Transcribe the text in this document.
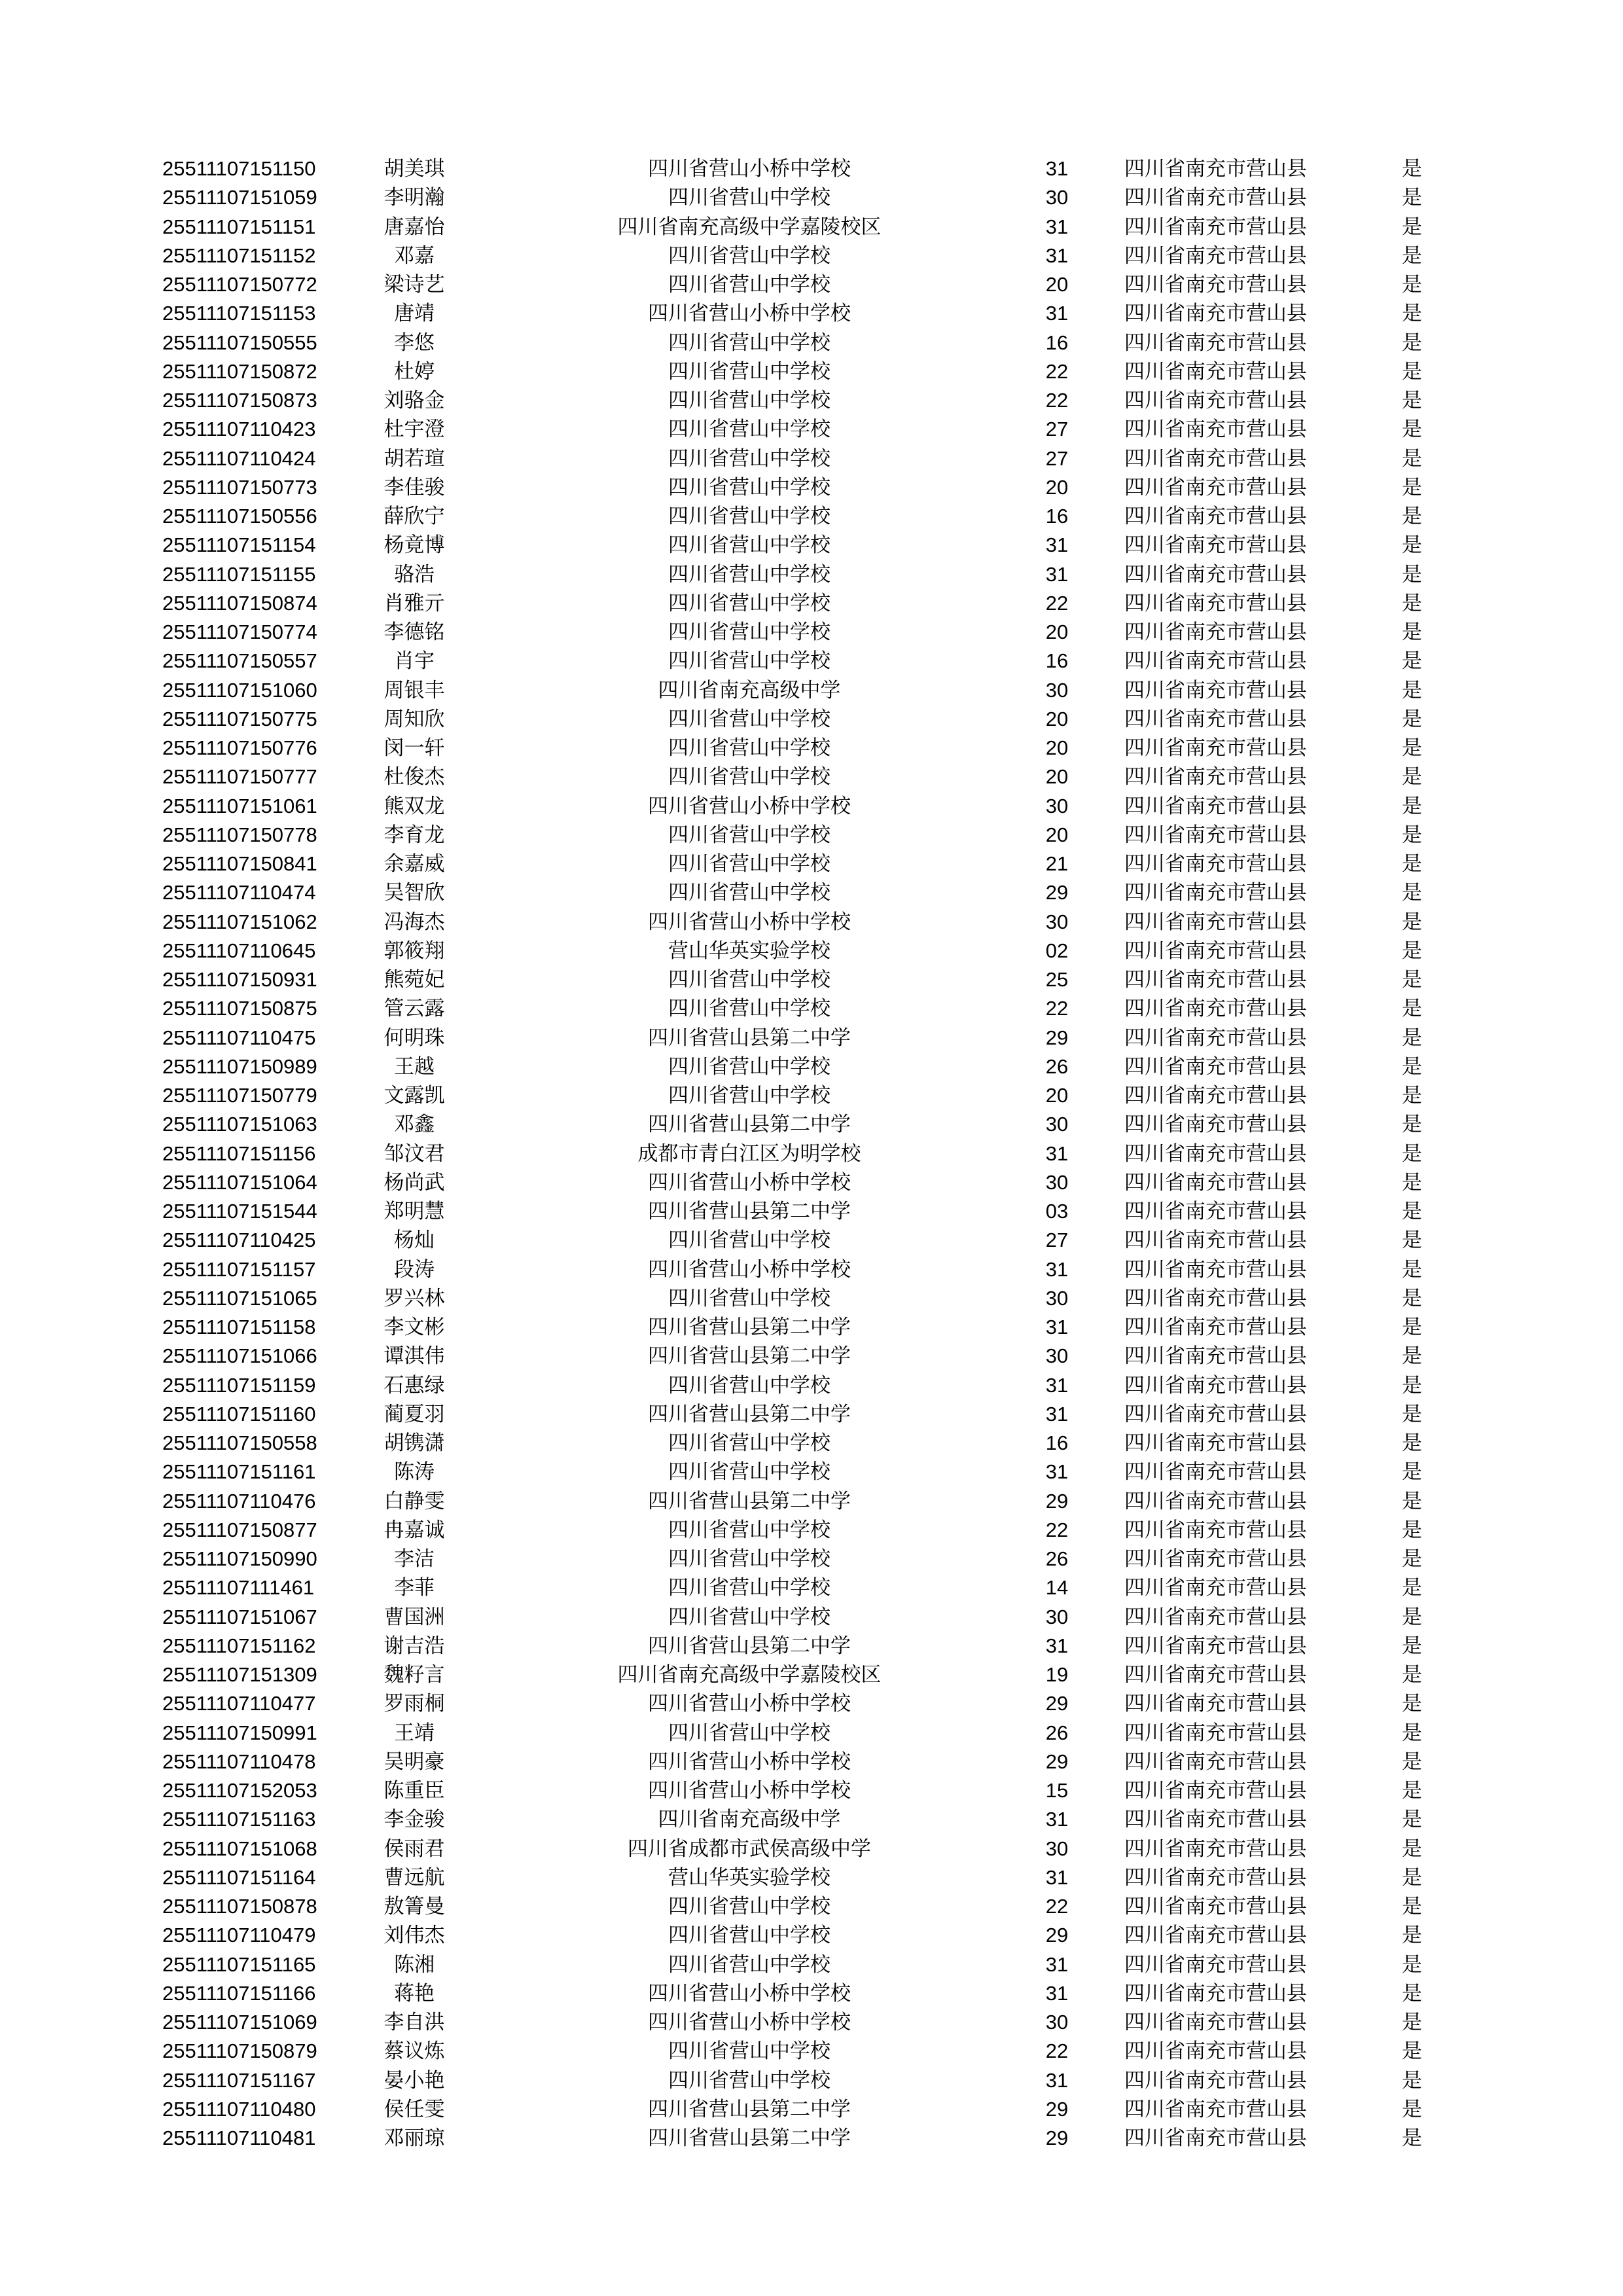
25511107151150	胡美琪	四川省营山小桥中学校	31	四川省南充市营山县	是
25511107151059	李明瀚	四川省营山中学校	30	四川省南充市营山县	是
25511107151151	唐嘉怡	四川省南充高级中学嘉陵校区	31	四川省南充市营山县	是
25511107151152	邓嘉	四川省营山中学校	31	四川省南充市营山县	是
25511107150772	梁诗艺	四川省营山中学校	20	四川省南充市营山县	是
25511107151153	唐靖	四川省营山小桥中学校	31	四川省南充市营山县	是
25511107150555	李悠	四川省营山中学校	16	四川省南充市营山县	是
25511107150872	杜婷	四川省营山中学校	22	四川省南充市营山县	是
25511107150873	刘骆金	四川省营山中学校	22	四川省南充市营山县	是
25511107110423	杜宇澄	四川省营山中学校	27	四川省南充市营山县	是
25511107110424	胡若瑄	四川省营山中学校	27	四川省南充市营山县	是
25511107150773	李佳骏	四川省营山中学校	20	四川省南充市营山县	是
25511107150556	薛欣宁	四川省营山中学校	16	四川省南充市营山县	是
25511107151154	杨竟博	四川省营山中学校	31	四川省南充市营山县	是
25511107151155	骆浩	四川省营山中学校	31	四川省南充市营山县	是
25511107150874	肖雅亓	四川省营山中学校	22	四川省南充市营山县	是
25511107150774	李德铭	四川省营山中学校	20	四川省南充市营山县	是
25511107150557	肖宇	四川省营山中学校	16	四川省南充市营山县	是
25511107151060	周银丰	四川省南充高级中学	30	四川省南充市营山县	是
25511107150775	周知欣	四川省营山中学校	20	四川省南充市营山县	是
25511107150776	闵一轩	四川省营山中学校	20	四川省南充市营山县	是
25511107150777	杜俊杰	四川省营山中学校	20	四川省南充市营山县	是
25511107151061	熊双龙	四川省营山小桥中学校	30	四川省南充市营山县	是
25511107150778	李育龙	四川省营山中学校	20	四川省南充市营山县	是
25511107150841	余嘉威	四川省营山中学校	21	四川省南充市营山县	是
25511107110474	吴智欣	四川省营山中学校	29	四川省南充市营山县	是
25511107151062	冯海杰	四川省营山小桥中学校	30	四川省南充市营山县	是
25511107110645	郭筱翔	营山华英实验学校	02	四川省南充市营山县	是
25511107150931	熊菀妃	四川省营山中学校	25	四川省南充市营山县	是
25511107150875	管云露	四川省营山中学校	22	四川省南充市营山县	是
25511107110475	何明珠	四川省营山县第二中学	29	四川省南充市营山县	是
25511107150989	王越	四川省营山中学校	26	四川省南充市营山县	是
25511107150779	文露凯	四川省营山中学校	20	四川省南充市营山县	是
25511107151063	邓鑫	四川省营山县第二中学	30	四川省南充市营山县	是
25511107151156	邹汶君	成都市青白江区为明学校	31	四川省南充市营山县	是
25511107151064	杨尚武	四川省营山小桥中学校	30	四川省南充市营山县	是
25511107151544	郑明慧	四川省营山县第二中学	03	四川省南充市营山县	是
25511107110425	杨灿	四川省营山中学校	27	四川省南充市营山县	是
25511107151157	段涛	四川省营山小桥中学校	31	四川省南充市营山县	是
25511107151065	罗兴林	四川省营山中学校	30	四川省南充市营山县	是
25511107151158	李文彬	四川省营山县第二中学	31	四川省南充市营山县	是
25511107151066	谭淇伟	四川省营山县第二中学	30	四川省南充市营山县	是
25511107151159	石惠绿	四川省营山中学校	31	四川省南充市营山县	是
25511107151160	蔺夏羽	四川省营山县第二中学	31	四川省南充市营山县	是
25511107150558	胡镌潇	四川省营山中学校	16	四川省南充市营山县	是
25511107151161	陈涛	四川省营山中学校	31	四川省南充市营山县	是
25511107110476	白静雯	四川省营山县第二中学	29	四川省南充市营山县	是
25511107150877	冉嘉诚	四川省营山中学校	22	四川省南充市营山县	是
25511107150990	李洁	四川省营山中学校	26	四川省南充市营山县	是
25511107111461	李菲	四川省营山中学校	14	四川省南充市营山县	是
25511107151067	曹国洲	四川省营山中学校	30	四川省南充市营山县	是
25511107151162	谢吉浩	四川省营山县第二中学	31	四川省南充市营山县	是
25511107151309	魏籽言	四川省南充高级中学嘉陵校区	19	四川省南充市营山县	是
25511107110477	罗雨桐	四川省营山小桥中学校	29	四川省南充市营山县	是
25511107150991	王靖	四川省营山中学校	26	四川省南充市营山县	是
25511107110478	吴明豪	四川省营山小桥中学校	29	四川省南充市营山县	是
25511107152053	陈重臣	四川省营山小桥中学校	15	四川省南充市营山县	是
25511107151163	李金骏	四川省南充高级中学	31	四川省南充市营山县	是
25511107151068	侯雨君	四川省成都市武侯高级中学	30	四川省南充市营山县	是
25511107151164	曹远航	营山华英实验学校	31	四川省南充市营山县	是
25511107150878	敖箐曼	四川省营山中学校	22	四川省南充市营山县	是
25511107110479	刘伟杰	四川省营山中学校	29	四川省南充市营山县	是
25511107151165	陈湘	四川省营山中学校	31	四川省南充市营山县	是
25511107151166	蒋艳	四川省营山小桥中学校	31	四川省南充市营山县	是
25511107151069	李自洪	四川省营山小桥中学校	30	四川省南充市营山县	是
25511107150879	蔡议炼	四川省营山中学校	22	四川省南充市营山县	是
25511107151167	晏小艳	四川省营山中学校	31	四川省南充市营山县	是
25511107110480	侯任雯	四川省营山县第二中学	29	四川省南充市营山县	是
25511107110481	邓丽琼	四川省营山县第二中学	29	四川省南充市营山县	是
